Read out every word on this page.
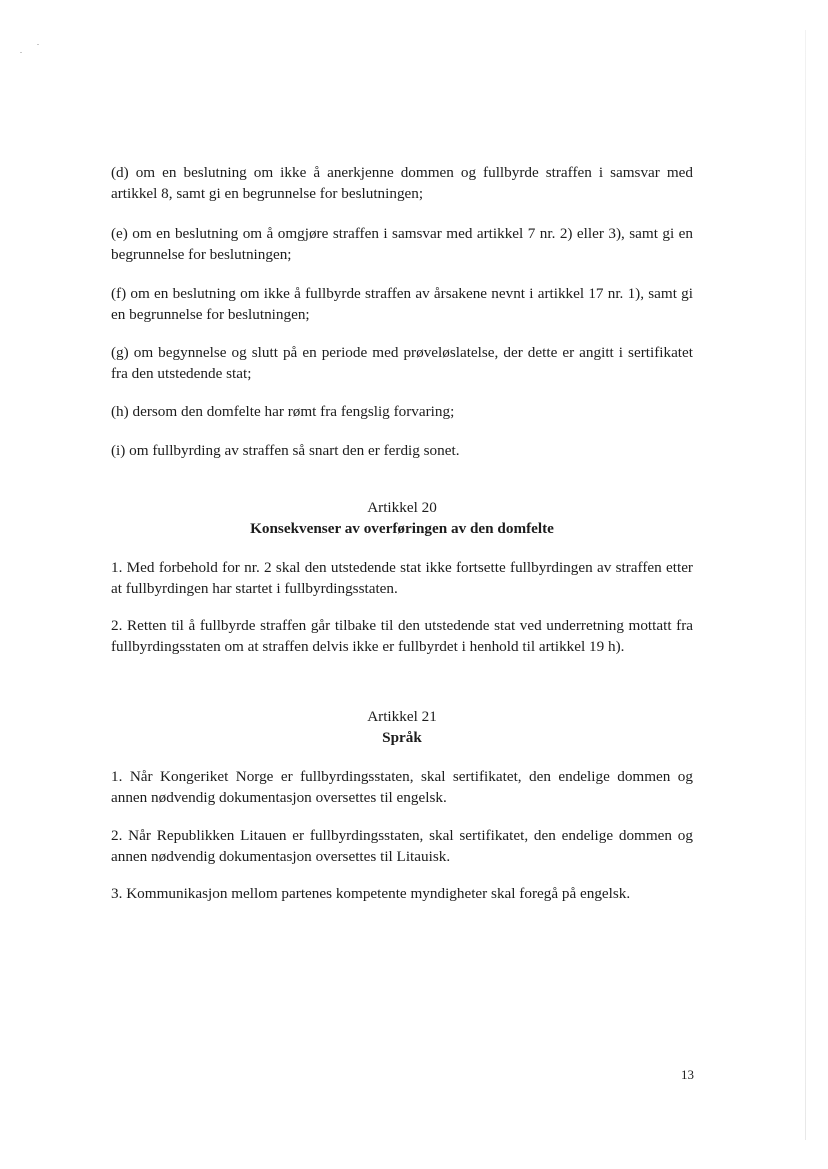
(d) om en beslutning om ikke å anerkjenne dommen og fullbyrde straffen i samsvar med artikkel 8, samt gi en begrunnelse for beslutningen;

(e) om en beslutning om å omgjøre straffen i samsvar med artikkel 7 nr. 2) eller 3), samt gi en begrunnelse for beslutningen;

(f) om en beslutning om ikke å fullbyrde straffen av årsakene nevnt i artikkel 17 nr. 1), samt gi en begrunnelse for beslutningen;

(g) om begynnelse og slutt på en periode med prøveløslatelse, der dette er angitt i sertifikatet fra den utstedende stat;

(h) dersom den domfelte har rømt fra fengslig forvaring;

(i) om fullbyrding av straffen så snart den er ferdig sonet.

Artikkel 20
Konsekvenser av overføringen av den domfelte

1. Med forbehold for nr. 2 skal den utstedende stat ikke fortsette fullbyrdingen av straffen etter at fullbyrdingen har startet i fullbyrdingsstaten.

2. Retten til å fullbyrde straffen går tilbake til den utstedende stat ved underretning mottatt fra fullbyrdingsstaten om at straffen delvis ikke er fullbyrdet i henhold til artikkel 19 h).

Artikkel 21
Språk

1. Når Kongeriket Norge er fullbyrdingsstaten, skal sertifikatet, den endelige dommen og annen nødvendig dokumentasjon oversettes til engelsk.

2. Når Republikken Litauen er fullbyrdingsstaten, skal sertifikatet, den endelige dommen og annen nødvendig dokumentasjon oversettes til Litauisk.

3. Kommunikasjon mellom partenes kompetente myndigheter skal foregå på engelsk.

13
